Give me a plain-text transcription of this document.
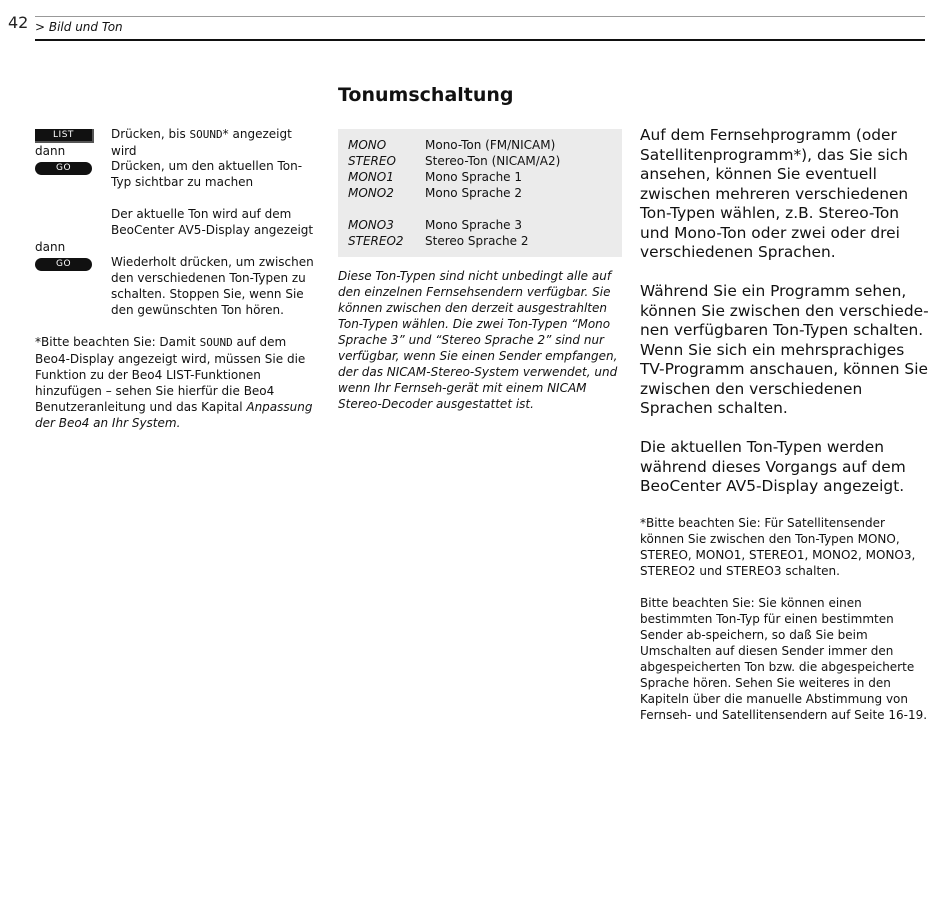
42 > Bild und Ton
Tonumschaltung
LIST	Drücken, bis SOUND* angezeigt wird
dann
GO	Drücken, um den aktuellen Ton-Typ sichtbar zu machen
Der aktuelle Ton wird auf dem BeoCenter AV5-Display angezeigt
dann
GO	Wiederholt drücken, um zwischen den verschiedenen Ton-Typen zu schalten. Stoppen Sie, wenn Sie den gewünschten Ton hören.

*Bitte beachten Sie: Damit SOUND auf dem Beo4-Display angezeigt wird, müssen Sie die Funktion zu der Beo4 LIST-Funktionen hinzufügen – sehen Sie hierfür die Beo4 Benutzeranleitung und das Kapital Anpassung der Beo4 an Ihr System.

MONO	Mono-Ton (FM/NICAM)
STEREO	Stereo-Ton (NICAM/A2)
MONO1	Mono Sprache 1
MONO2	Mono Sprache 2
MONO3	Mono Sprache 3
STEREO2	Stereo Sprache 2

Diese Ton-Typen sind nicht unbedingt alle auf den einzelnen Fernsehsendern verfügbar. Sie können zwischen den derzeit ausgestrahlten Ton-Typen wählen. Die zwei Ton-Typen “Mono Sprache 3” und “Stereo Sprache 2” sind nur verfügbar, wenn Sie einen Sender empfangen, der das NICAM-Stereo-System verwendet, und wenn Ihr Fernseh-gerät mit einem NICAM Stereo-Decoder ausgestattet ist.

Auf dem Fernsehprogramm (oder Satellitenprogramm*), das Sie sich ansehen, können Sie eventuell zwischen mehreren verschiedenen Ton-Typen wählen, z.B. Stereo-Ton und Mono-Ton oder zwei oder drei verschiedenen Sprachen.

Während Sie ein Programm sehen, können Sie zwischen den verschiede-nen verfügbaren Ton-Typen schalten. Wenn Sie sich ein mehrsprachiges TV-Programm anschauen, können Sie zwischen den verschiedenen Sprachen schalten.

Die aktuellen Ton-Typen werden während dieses Vorgangs auf dem BeoCenter AV5-Display angezeigt.

*Bitte beachten Sie: Für Satellitensender können Sie zwischen den Ton-Typen MONO, STEREO, MONO1, STEREO1, MONO2, MONO3, STEREO2 und STEREO3 schalten.

Bitte beachten Sie: Sie können einen bestimmten Ton-Typ für einen bestimmten Sender ab-speichern, so daß Sie beim Umschalten auf diesen Sender immer den abgespeicherten Ton bzw. die abgespeicherte Sprache hören. Sehen Sie weiteres in den Kapiteln über die manuelle Abstimmung von Fernseh- und Satellitensendern auf Seite 16-19.
